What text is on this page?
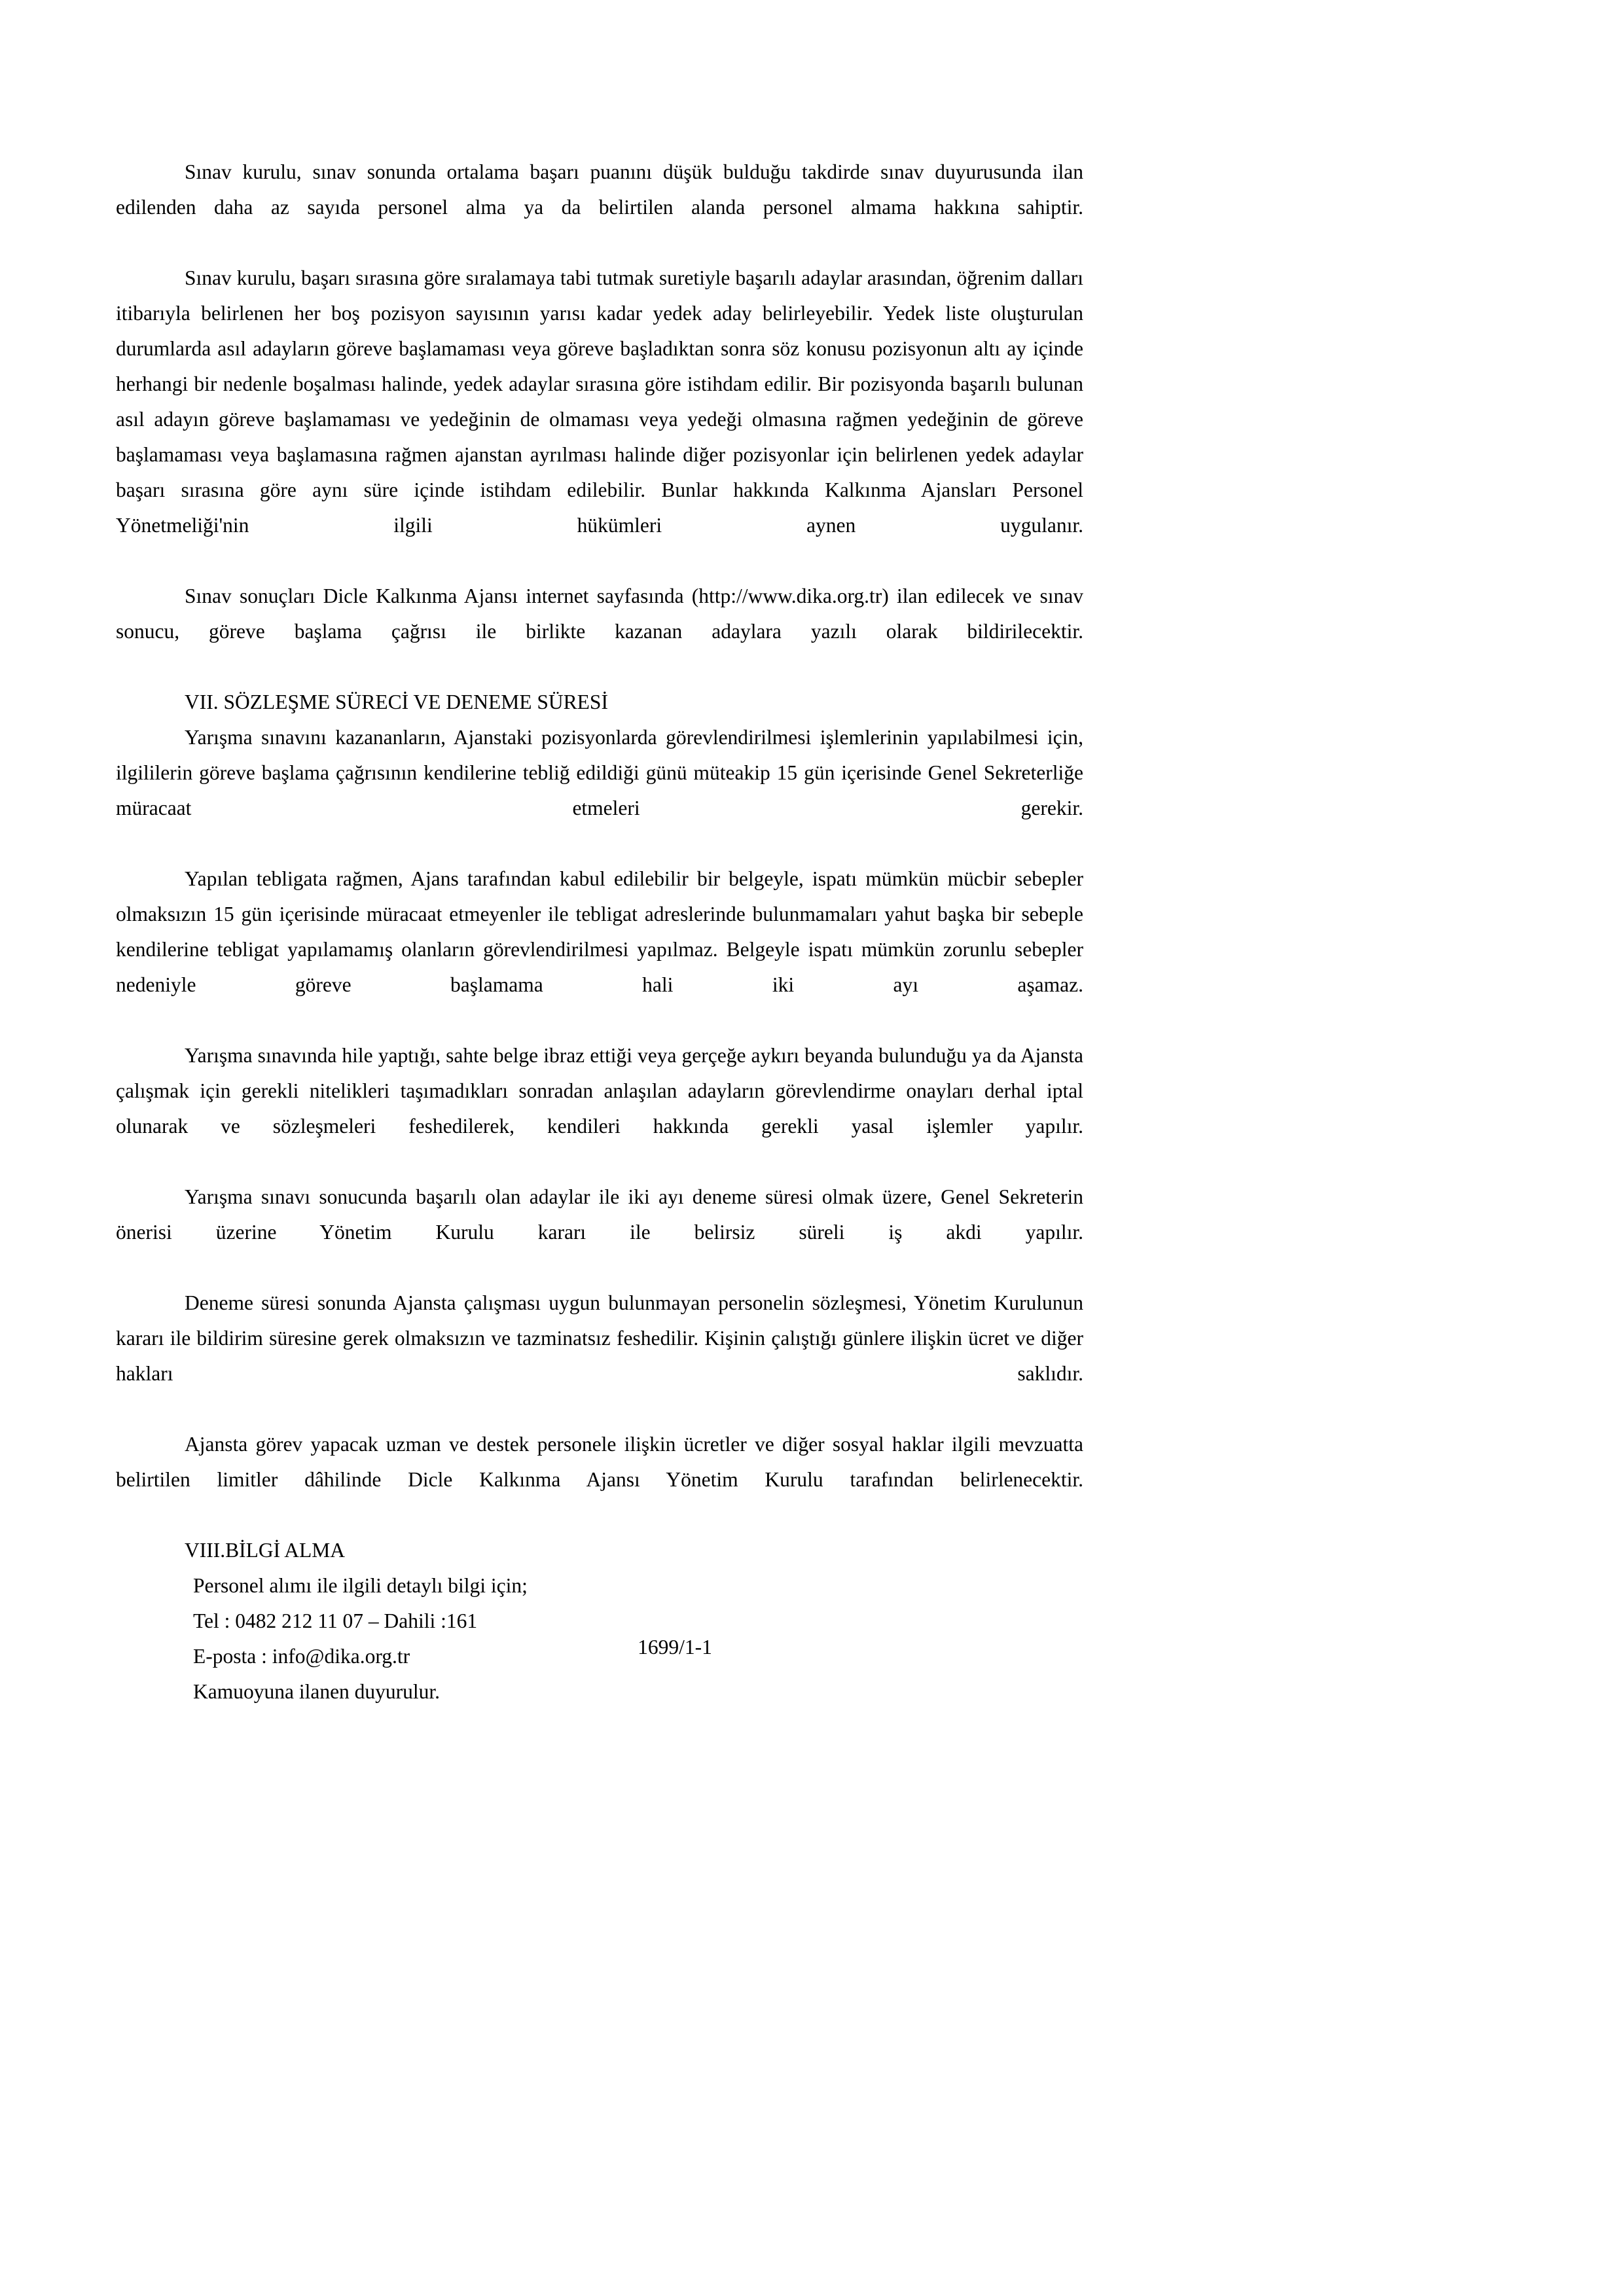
Sınav kurulu, sınav sonunda ortalama başarı puanını düşük bulduğu takdirde sınav duyurusunda ilan edilenden daha az sayıda personel alma ya da belirtilen alanda personel almama hakkına sahiptir.

Sınav kurulu, başarı sırasına göre sıralamaya tabi tutmak suretiyle başarılı adaylar arasından, öğrenim dalları itibarıyla belirlenen her boş pozisyon sayısının yarısı kadar yedek aday belirleyebilir. Yedek liste oluşturulan durumlarda asıl adayların göreve başlamaması veya göreve başladıktan sonra söz konusu pozisyonun altı ay içinde herhangi bir nedenle boşalması halinde, yedek adaylar sırasına göre istihdam edilir. Bir pozisyonda başarılı bulunan asıl adayın göreve başlamaması ve yedeğinin de olmaması veya yedeği olmasına rağmen yedeğinin de göreve başlamaması veya başlamasına rağmen ajanstan ayrılması halinde diğer pozisyonlar için belirlenen yedek adaylar başarı sırasına göre aynı süre içinde istihdam edilebilir. Bunlar hakkında Kalkınma Ajansları Personel Yönetmeliği'nin ilgili hükümleri aynen uygulanır.

Sınav sonuçları Dicle Kalkınma Ajansı internet sayfasında (http://www.dika.org.tr) ilan edilecek ve sınav sonucu, göreve başlama çağrısı ile birlikte kazanan adaylara yazılı olarak bildirilecektir.

VII. SÖZLEŞME SÜRECİ VE DENEME SÜRESİ

Yarışma sınavını kazananların, Ajanstaki pozisyonlarda görevlendirilmesi işlemlerinin yapılabilmesi için, ilgililerin göreve başlama çağrısının kendilerine tebliğ edildiği günü müteakip 15 gün içerisinde Genel Sekreterliğe müracaat etmeleri gerekir.

Yapılan tebligata rağmen, Ajans tarafından kabul edilebilir bir belgeyle, ispatı mümkün mücbir sebepler olmaksızın 15 gün içerisinde müracaat etmeyenler ile tebligat adreslerinde bulunmamaları yahut başka bir sebeple kendilerine tebligat yapılamamış olanların görevlendirilmesi yapılmaz. Belgeyle ispatı mümkün zorunlu sebepler nedeniyle göreve başlamama hali iki ayı aşamaz.

Yarışma sınavında hile yaptığı, sahte belge ibraz ettiği veya gerçeğe aykırı beyanda bulunduğu ya da Ajansta çalışmak için gerekli nitelikleri taşımadıkları sonradan anlaşılan adayların görevlendirme onayları derhal iptal olunarak ve sözleşmeleri feshedilerek, kendileri hakkında gerekli yasal işlemler yapılır.

Yarışma sınavı sonucunda başarılı olan adaylar ile iki ayı deneme süresi olmak üzere, Genel Sekreterin önerisi üzerine Yönetim Kurulu kararı ile belirsiz süreli iş akdi yapılır.

Deneme süresi sonunda Ajansta çalışması uygun bulunmayan personelin sözleşmesi, Yönetim Kurulunun kararı ile bildirim süresine gerek olmaksızın ve tazminatsız feshedilir. Kişinin çalıştığı günlere ilişkin ücret ve diğer hakları saklıdır.

Ajansta görev yapacak uzman ve destek personele ilişkin ücretler ve diğer sosyal haklar ilgili mevzuatta belirtilen limitler dâhilinde Dicle Kalkınma Ajansı Yönetim Kurulu tarafından belirlenecektir.

VIII.BİLGİ ALMA

Personel alımı ile ilgili detaylı bilgi için;

Tel : 0482 212 11 07 – Dahili :161

E-posta : info@dika.org.tr

Kamuoyuna ilanen duyurulur.

1699/1-1
